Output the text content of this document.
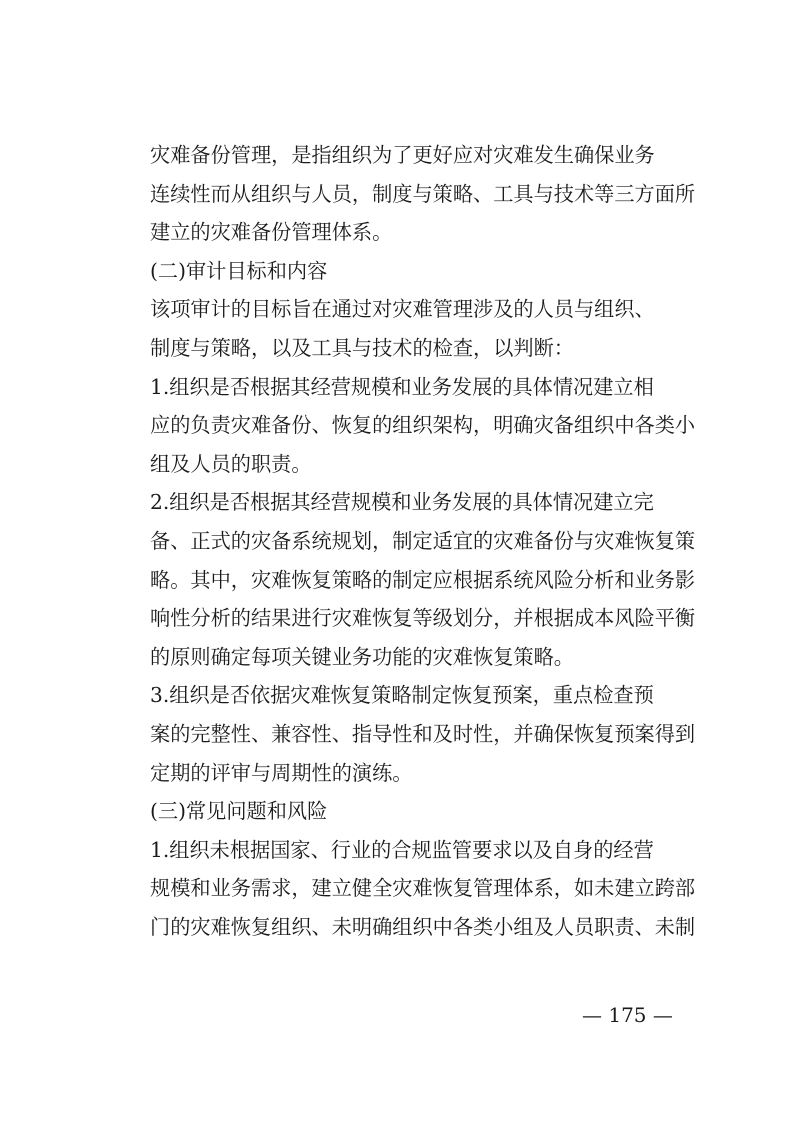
灾难备份管理，是指组织为了更好应对灾难发生确保业务
连续性而从组织与人员，制度与策略、工具与技术等三方面所
建立的灾难备份管理体系。

(二)审计目标和内容

该项审计的目标旨在通过对灾难管理涉及的人员与组织、
制度与策略，以及工具与技术的检查，以判断：

1.组织是否根据其经营规模和业务发展的具体情况建立相
应的负责灾难备份、恢复的组织架构，明确灾备组织中各类小
组及人员的职责。

2.组织是否根据其经营规模和业务发展的具体情况建立完
备、正式的灾备系统规划，制定适宜的灾难备份与灾难恢复策
略。其中，灾难恢复策略的制定应根据系统风险分析和业务影
响性分析的结果进行灾难恢复等级划分，并根据成本风险平衡
的原则确定每项关键业务功能的灾难恢复策略。

3.组织是否依据灾难恢复策略制定恢复预案，重点检查预
案的完整性、兼容性、指导性和及时性，并确保恢复预案得到
定期的评审与周期性的演练。

(三)常见问题和风险

1.组织未根据国家、行业的合规监管要求以及自身的经营
规模和业务需求，建立健全灾难恢复管理体系，如未建立跨部
门的灾难恢复组织、未明确组织中各类小组及人员职责、未制

— 175 —
